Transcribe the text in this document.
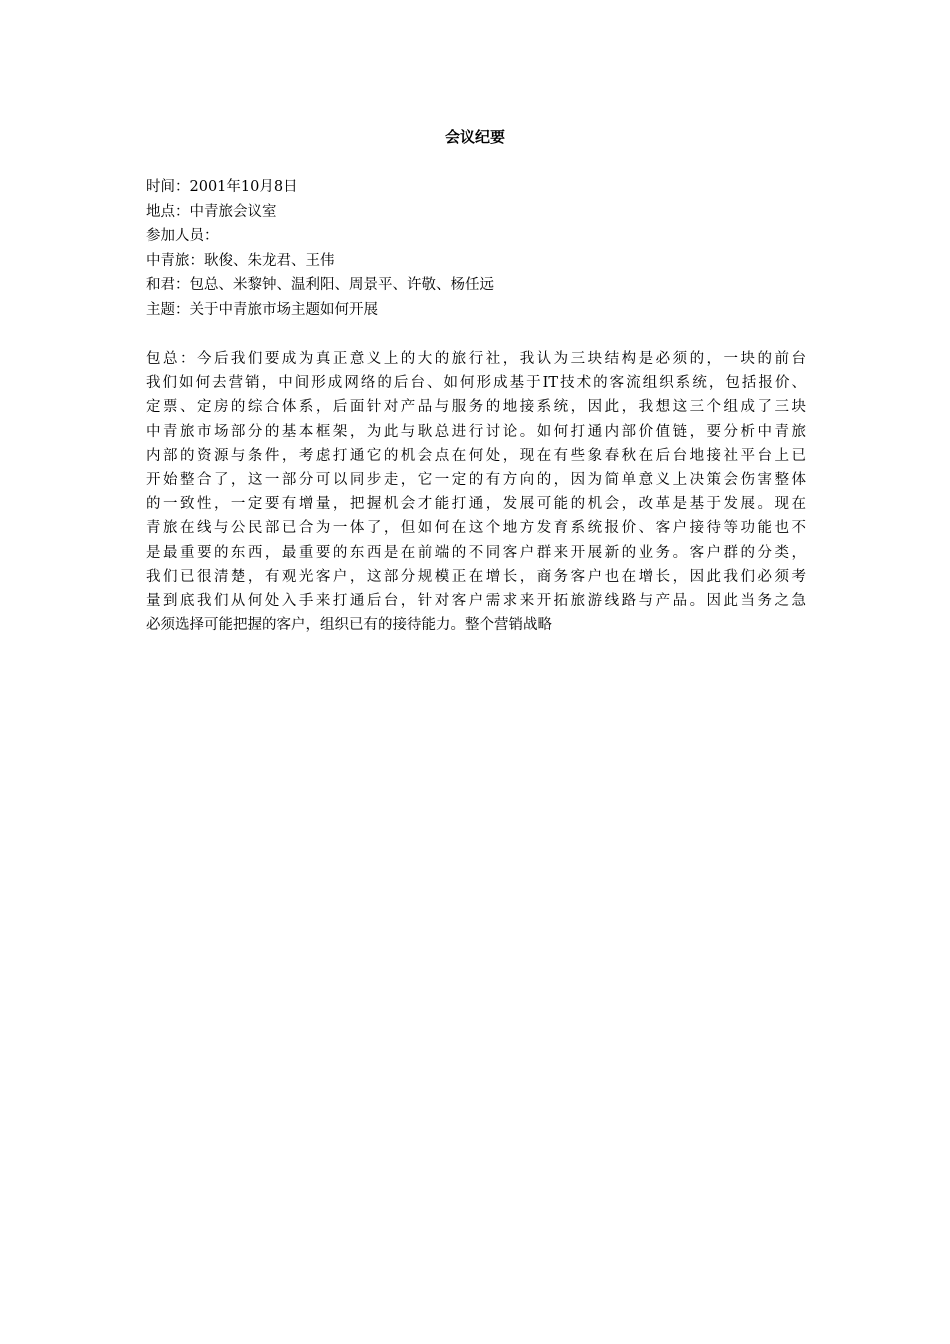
会议纪要
时间：2001年10月8日
地点：中青旅会议室
参加人员：
中青旅：耿俊、朱龙君、王伟
和君：包总、米黎钟、温利阳、周景平、许敬、杨任远
主题：关于中青旅市场主题如何开展
包总：今后我们要成为真正意义上的大的旅行社，我认为三块结构是必须的，一块的前台
我们如何去营销，中间形成网络的后台、如何形成基于IT技术的客流组织系统，包括报价、
定票、定房的综合体系，后面针对产品与服务的地接系统，因此，我想这三个组成了三块
中青旅市场部分的基本框架，为此与耿总进行讨论。如何打通内部价值链，要分析中青旅
内部的资源与条件，考虑打通它的机会点在何处，现在有些象春秋在后台地接社平台上已
开始整合了，这一部分可以同步走，它一定的有方向的，因为简单意义上决策会伤害整体
的一致性，一定要有增量，把握机会才能打通，发展可能的机会，改革是基于发展。现在
青旅在线与公民部已合为一体了，但如何在这个地方发育系统报价、客户接待等功能也不
是最重要的东西，最重要的东西是在前端的不同客户群来开展新的业务。客户群的分类，
我们已很清楚，有观光客户，这部分规模正在增长，商务客户也在增长，因此我们必须考
量到底我们从何处入手来打通后台，针对客户需求来开拓旅游线路与产品。因此当务之急
必须选择可能把握的客户，组织已有的接待能力。整个营销战略
